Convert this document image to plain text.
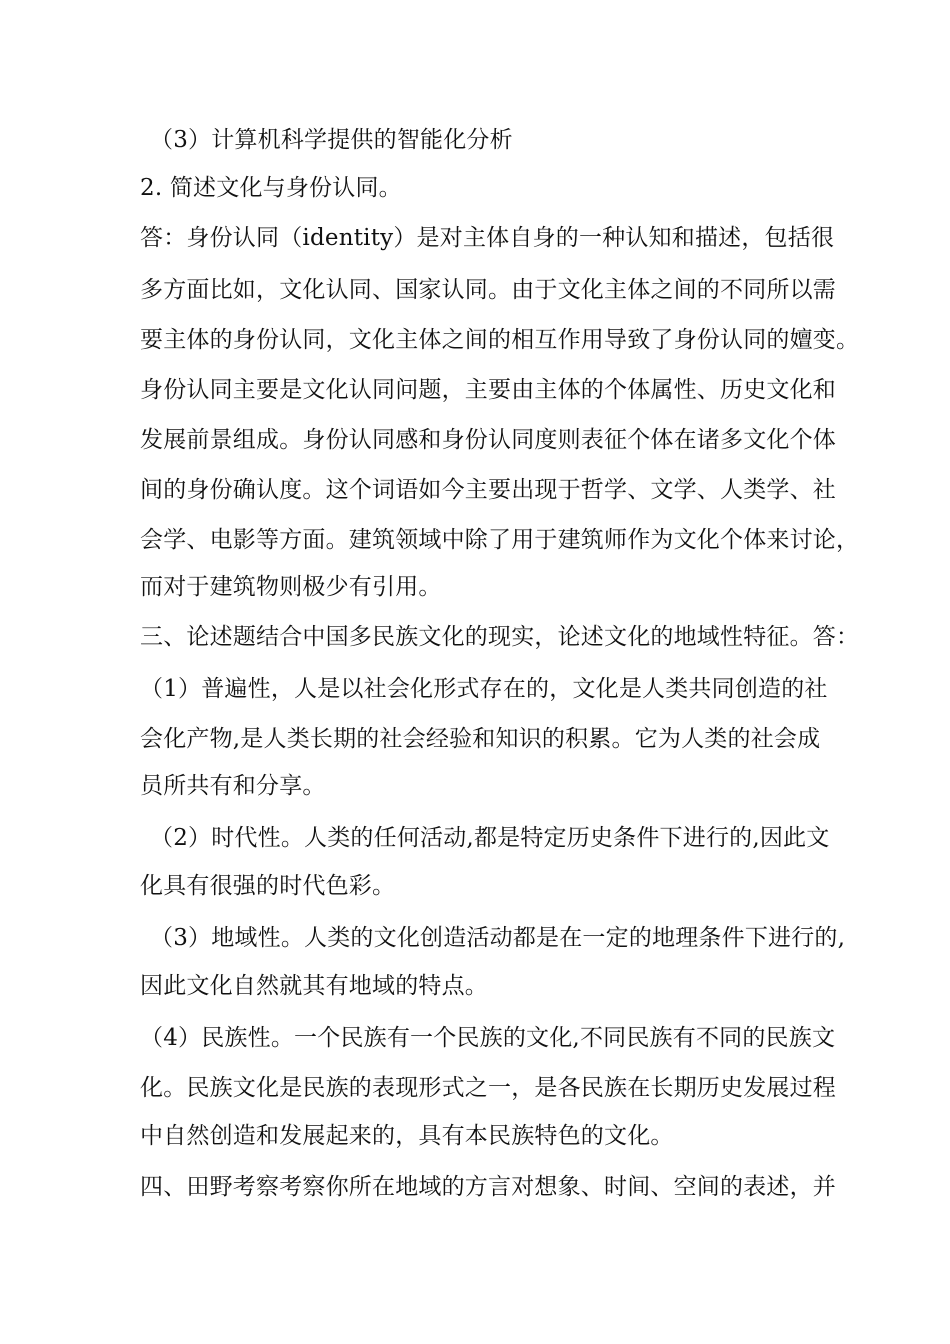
（3）计算机科学提供的智能化分析
2. 简述文化与身份认同。
答：身份认同（identity）是对主体自身的一种认知和描述，包括很
多方面比如，文化认同、国家认同。由于文化主体之间的不同所以需
要主体的身份认同，文化主体之间的相互作用导致了身份认同的嬗变。
身份认同主要是文化认同问题，主要由主体的个体属性、历史文化和
发展前景组成。身份认同感和身份认同度则表征个体在诸多文化个体
间的身份确认度。这个词语如今主要出现于哲学、文学、人类学、社
会学、电影等方面。建筑领域中除了用于建筑师作为文化个体来讨论，
而对于建筑物则极少有引用。
三、论述题结合中国多民族文化的现实，论述文化的地域性特征。答：
（1）普遍性，人是以社会化形式存在的，文化是人类共同创造的社
会化产物,是人类长期的社会经验和知识的积累。它为人类的社会成
员所共有和分享。
（2）时代性。人类的任何活动,都是特定历史条件下进行的,因此文
化具有很强的时代色彩。
（3）地域性。人类的文化创造活动都是在一定的地理条件下进行的,
因此文化自然就其有地域的特点。
（4）民族性。一个民族有一个民族的文化,不同民族有不同的民族文
化。民族文化是民族的表现形式之一，是各民族在长期历史发展过程
中自然创造和发展起来的，具有本民族特色的文化。
四、田野考察考察你所在地域的方言对想象、时间、空间的表述，并
